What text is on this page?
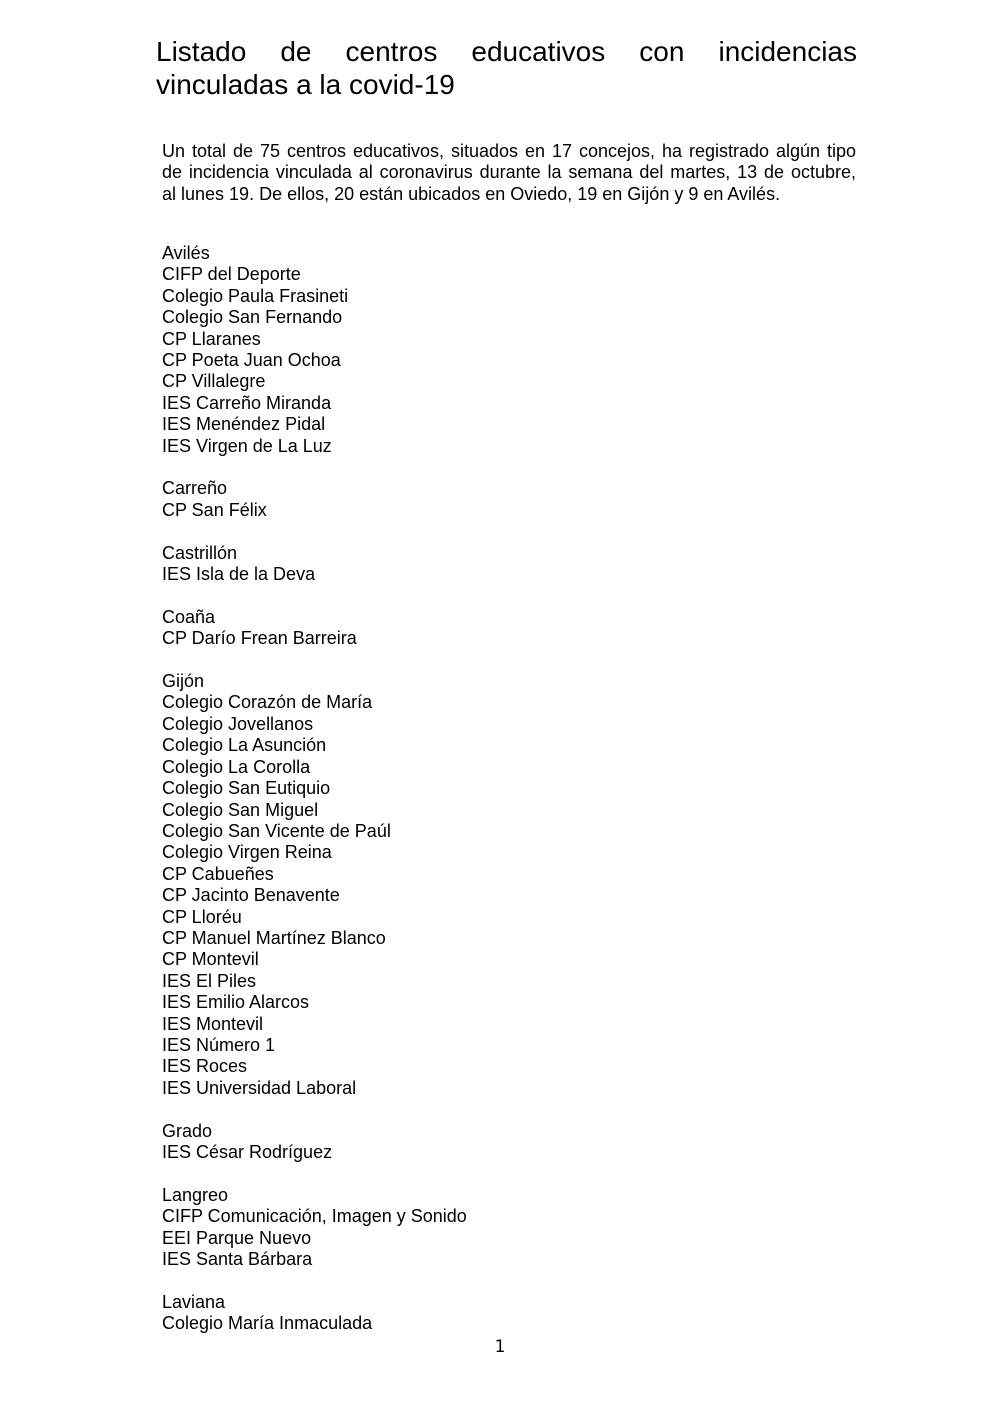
Listado de centros educativos con incidencias
vinculadas a la covid-19
Un total de 75 centros educativos, situados en 17 concejos, ha registrado algún tipo
de incidencia vinculada al coronavirus durante la semana del martes, 13 de octubre,
al lunes 19. De ellos, 20 están ubicados en Oviedo, 19 en Gijón y 9 en Avilés.
Avilés
CIFP del Deporte
Colegio Paula Frasineti
Colegio San Fernando
CP Llaranes
CP Poeta Juan Ochoa
CP Villalegre
IES Carreño Miranda
IES Menéndez Pidal
IES Virgen de La Luz
Carreño
CP San Félix
Castrillón
IES Isla de la Deva
Coaña
CP Darío Frean Barreira
Gijón
Colegio Corazón de María
Colegio Jovellanos
Colegio La Asunción
Colegio La Corolla
Colegio San Eutiquio
Colegio San Miguel
Colegio San Vicente de Paúl
Colegio Virgen Reina
CP Cabueñes
CP Jacinto Benavente
CP Lloréu
CP Manuel Martínez Blanco
CP Montevil
IES El Piles
IES Emilio Alarcos
IES Montevil
IES Número 1
IES Roces
IES Universidad Laboral
Grado
IES César Rodríguez
Langreo
CIFP Comunicación, Imagen y Sonido
EEI Parque Nuevo
IES Santa Bárbara
Laviana
Colegio María Inmaculada
1
